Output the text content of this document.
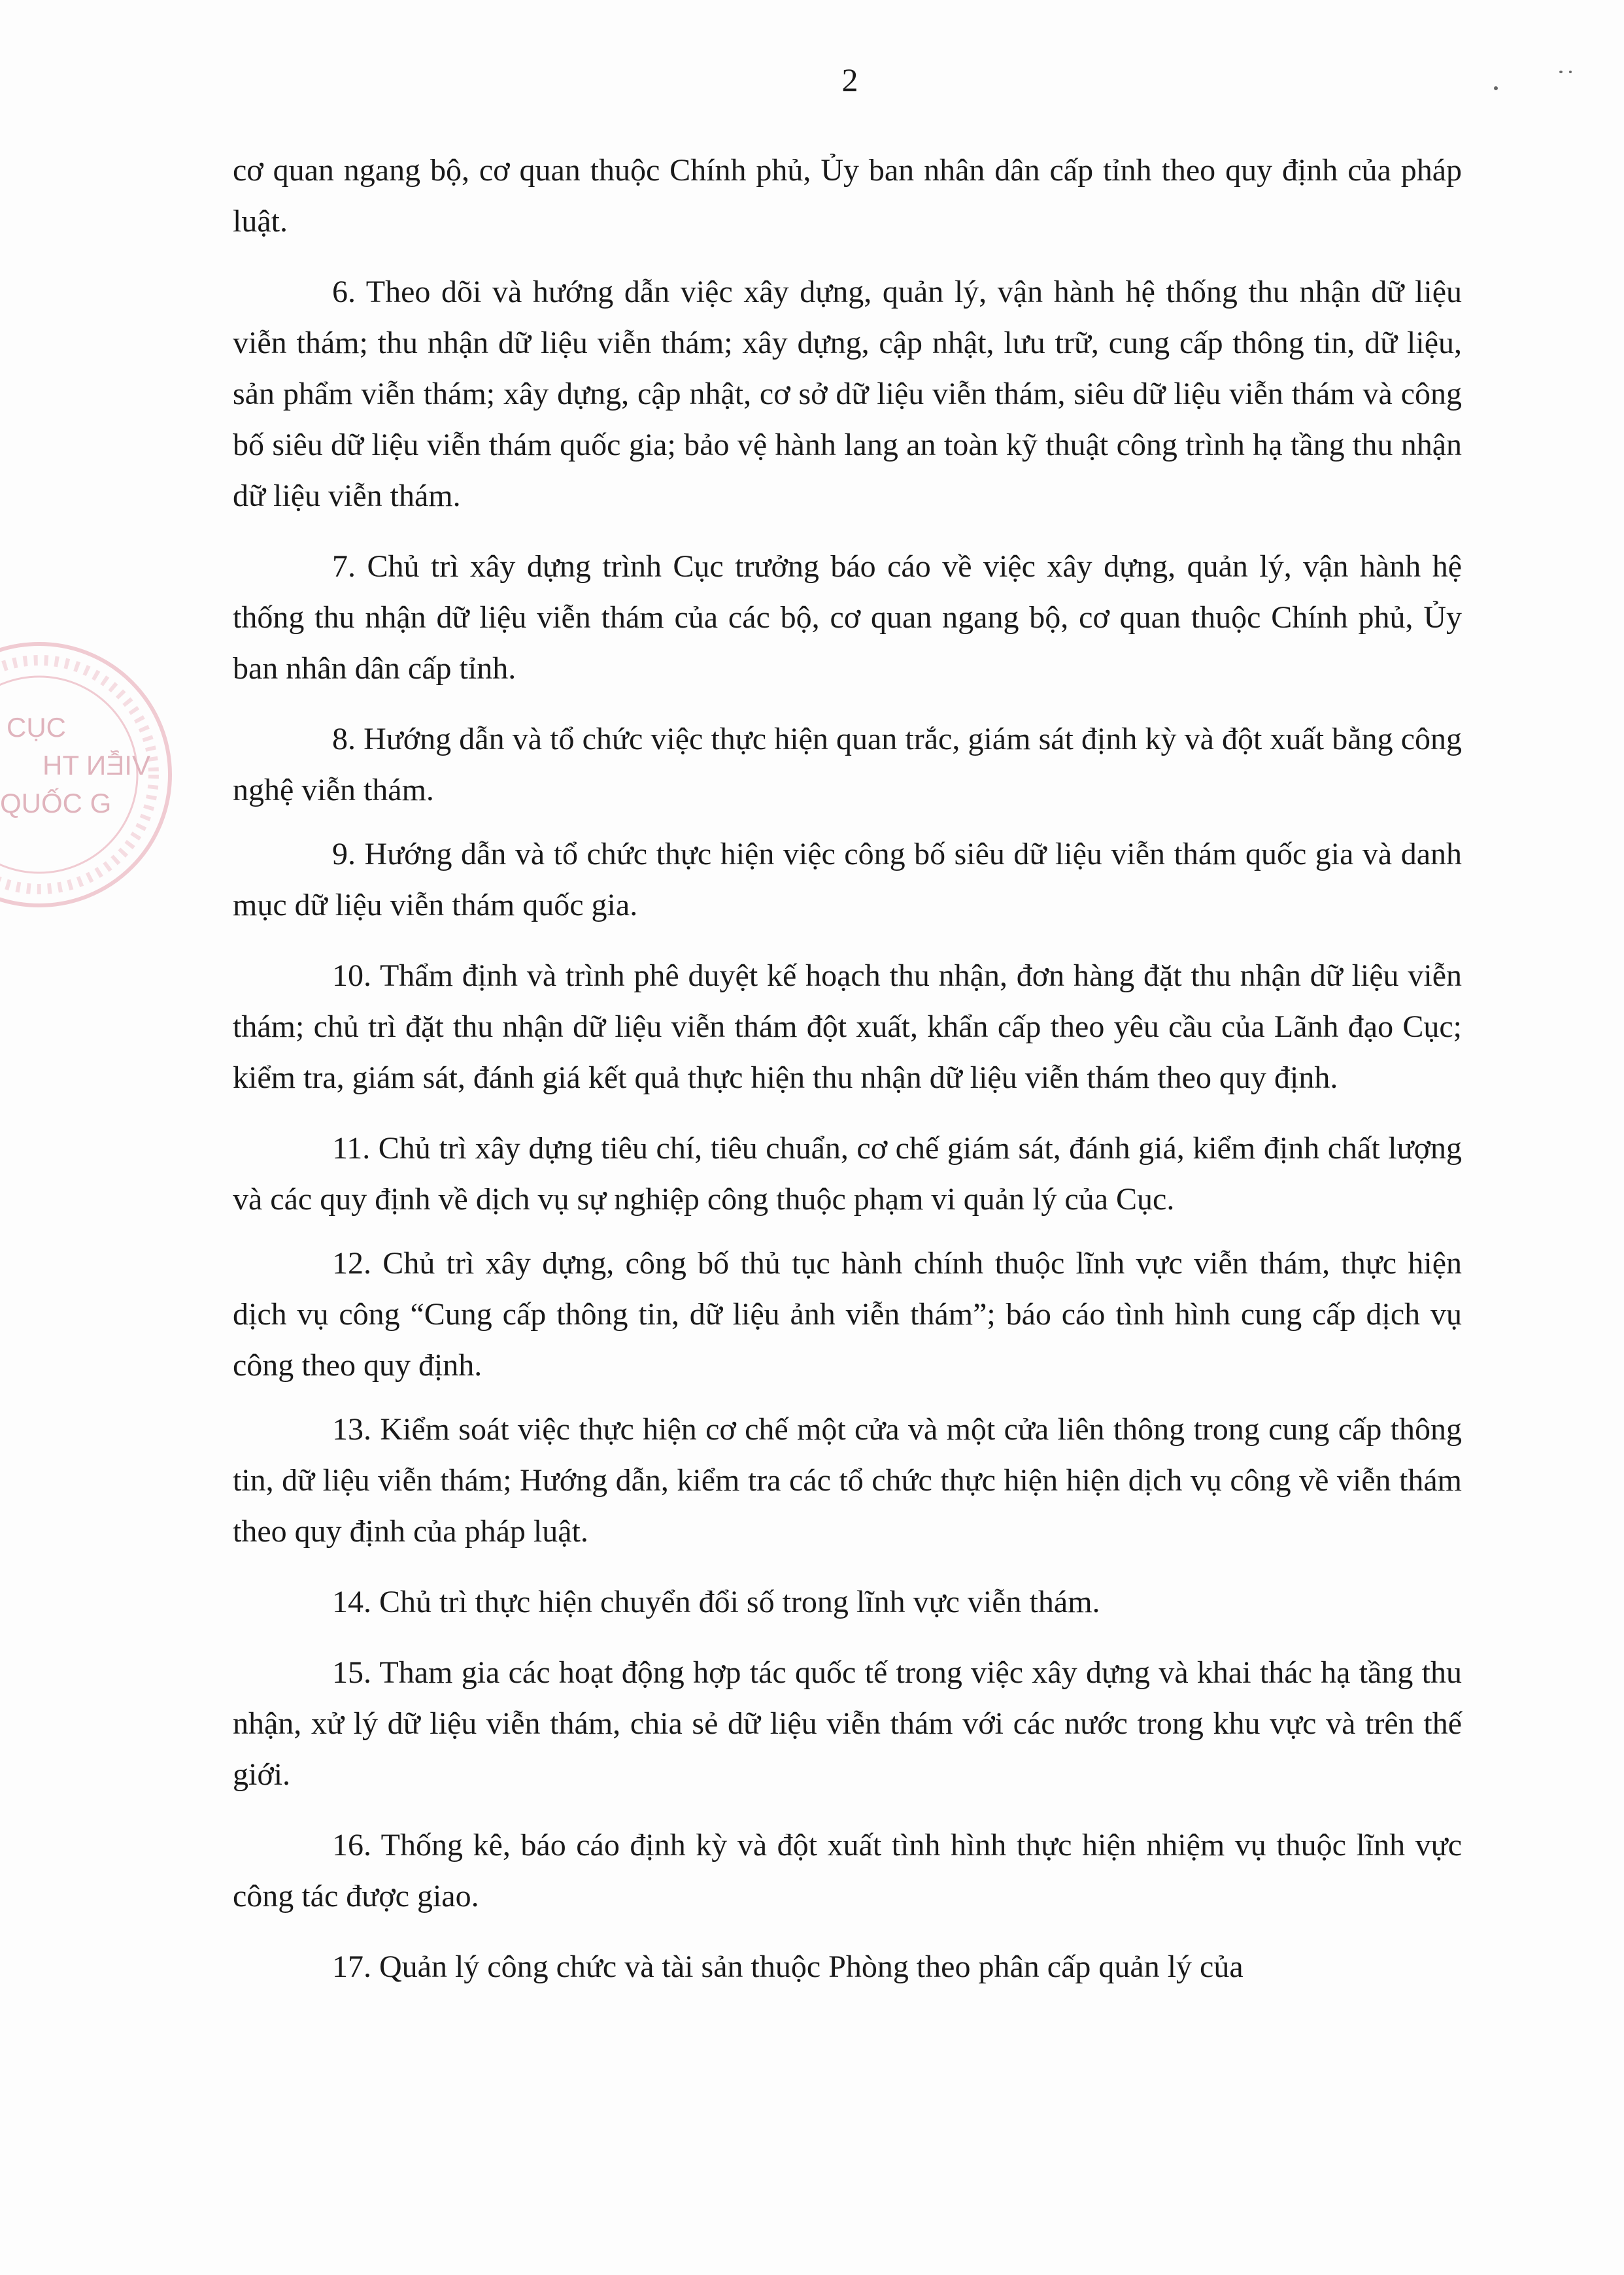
2
CỤC
VIỄN TH
QUỐC G

cơ quan ngang bộ, cơ quan thuộc Chính phủ, Ủy ban nhân dân cấp tỉnh theo quy định của pháp luật.

6. Theo dõi và hướng dẫn việc xây dựng, quản lý, vận hành hệ thống thu nhận dữ liệu viễn thám; thu nhận dữ liệu viễn thám; xây dựng, cập nhật, lưu trữ, cung cấp thông tin, dữ liệu, sản phẩm viễn thám; xây dựng, cập nhật, cơ sở dữ liệu viễn thám, siêu dữ liệu viễn thám và công bố siêu dữ liệu viễn thám quốc gia; bảo vệ hành lang an toàn kỹ thuật công trình hạ tầng thu nhận dữ liệu viễn thám.

7. Chủ trì xây dựng trình Cục trưởng báo cáo về việc xây dựng, quản lý, vận hành hệ thống thu nhận dữ liệu viễn thám của các bộ, cơ quan ngang bộ, cơ quan thuộc Chính phủ, Ủy ban nhân dân cấp tỉnh.

8. Hướng dẫn và tổ chức việc thực hiện quan trắc, giám sát định kỳ và đột xuất bằng công nghệ viễn thám.

9. Hướng dẫn và tổ chức thực hiện việc công bố siêu dữ liệu viễn thám quốc gia và danh mục dữ liệu viễn thám quốc gia.

10. Thẩm định và trình phê duyệt kế hoạch thu nhận, đơn hàng đặt thu nhận dữ liệu viễn thám; chủ trì đặt thu nhận dữ liệu viễn thám đột xuất, khẩn cấp theo yêu cầu của Lãnh đạo Cục; kiểm tra, giám sát, đánh giá kết quả thực hiện thu nhận dữ liệu viễn thám theo quy định.

11. Chủ trì xây dựng tiêu chí, tiêu chuẩn, cơ chế giám sát, đánh giá, kiểm định chất lượng và các quy định về dịch vụ sự nghiệp công thuộc phạm vi quản lý của Cục.

12. Chủ trì xây dựng, công bố thủ tục hành chính thuộc lĩnh vực viễn thám, thực hiện dịch vụ công “Cung cấp thông tin, dữ liệu ảnh viễn thám”; báo cáo tình hình cung cấp dịch vụ công theo quy định.

13. Kiểm soát việc thực hiện cơ chế một cửa và một cửa liên thông trong cung cấp thông tin, dữ liệu viễn thám; Hướng dẫn, kiểm tra các tổ chức thực hiện hiện dịch vụ công về viễn thám theo quy định của pháp luật.

14. Chủ trì thực hiện chuyển đổi số trong lĩnh vực viễn thám.

15. Tham gia các hoạt động hợp tác quốc tế trong việc xây dựng và khai thác hạ tầng thu nhận, xử lý dữ liệu viễn thám, chia sẻ dữ liệu viễn thám với các nước trong khu vực và trên thế giới.

16. Thống kê, báo cáo định kỳ và đột xuất tình hình thực hiện nhiệm vụ thuộc lĩnh vực công tác được giao.

17. Quản lý công chức và tài sản thuộc Phòng theo phân cấp quản lý của
